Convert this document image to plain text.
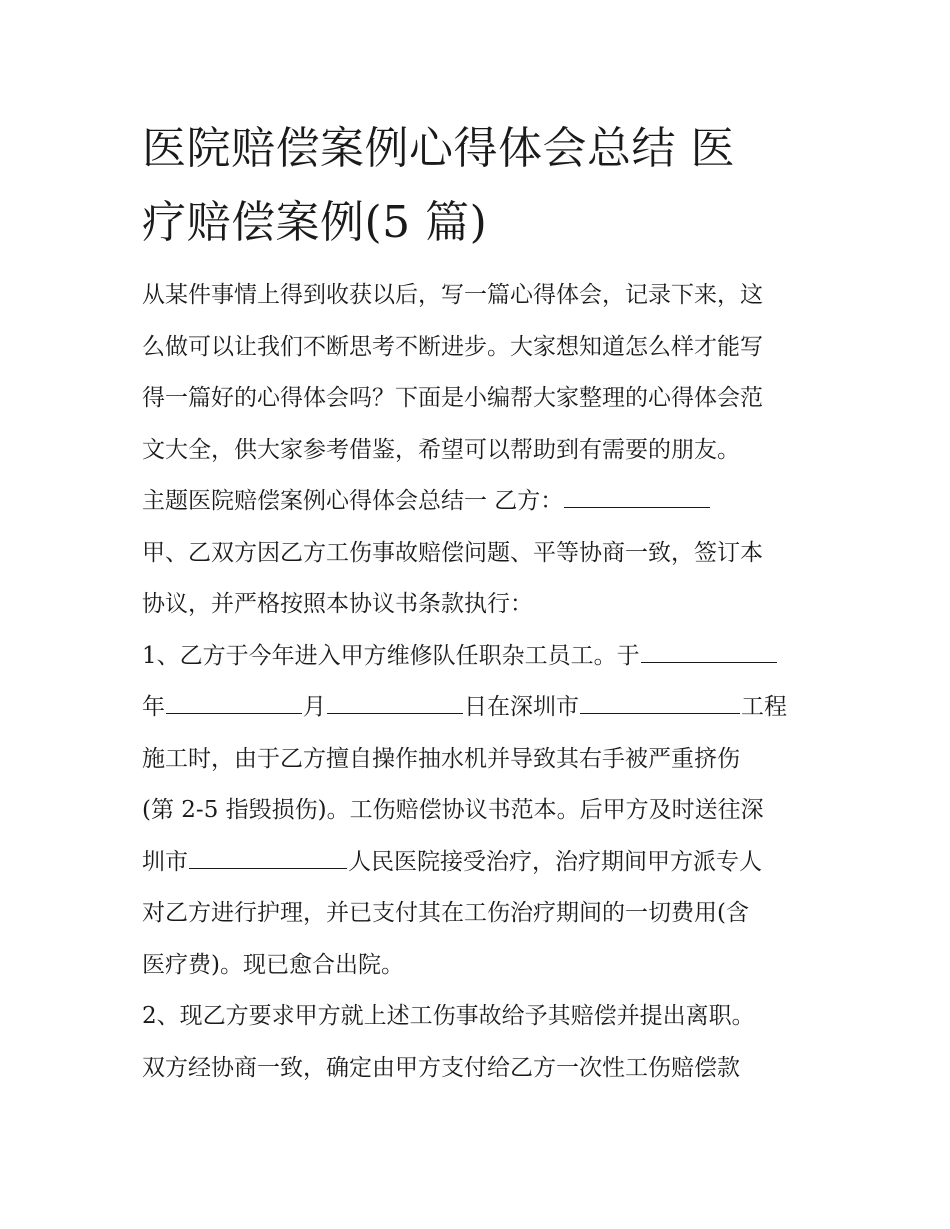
医院赔偿案例心得体会总结 医
疗赔偿案例(5 篇)

从某件事情上得到收获以后，写一篇心得体会，记录下来，这
么做可以让我们不断思考不断进步。大家想知道怎么样才能写
得一篇好的心得体会吗？下面是小编帮大家整理的心得体会范
文大全，供大家参考借鉴，希望可以帮助到有需要的朋友。

主题医院赔偿案例心得体会总结一 乙方：

甲、乙双方因乙方工伤事故赔偿问题、平等协商一致，签订本
协议，并严格按照本协议书条款执行：

1、乙方于今年进入甲方维修队任职杂工员工。于
年	月	日在深圳市	工程
施工时，由于乙方擅自操作抽水机并导致其右手被严重挤伤
(第 2-5 指毁损伤)。工伤赔偿协议书范本。后甲方及时送往深
圳市	人民医院接受治疗，治疗期间甲方派专人
对乙方进行护理，并已支付其在工伤治疗期间的一切费用(含
医疗费)。现已愈合出院。

2、现乙方要求甲方就上述工伤事故给予其赔偿并提出离职。
双方经协商一致，确定由甲方支付给乙方一次性工伤赔偿款
